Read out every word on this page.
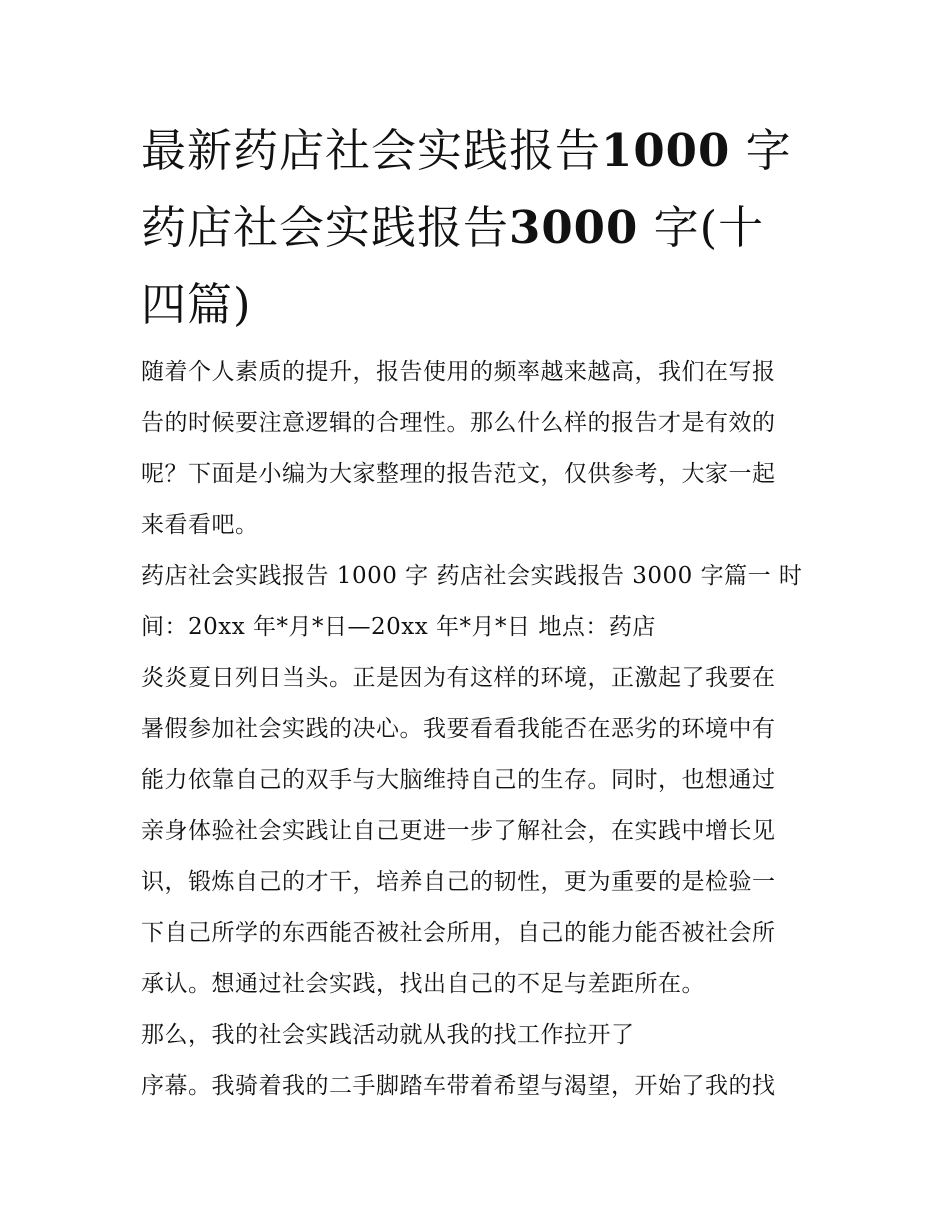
最新药店社会实践报告1000 字
药店社会实践报告3000 字(十
四篇)

随着个人素质的提升，报告使用的频率越来越高，我们在写报
告的时候要注意逻辑的合理性。那么什么样的报告才是有效的
呢？下面是小编为大家整理的报告范文，仅供参考，大家一起
来看看吧。

药店社会实践报告 1000 字 药店社会实践报告 3000 字篇一 时
间：20xx 年*月*日—20xx 年*月*日 地点：药店

炎炎夏日列日当头。正是因为有这样的环境，正激起了我要在
暑假参加社会实践的决心。我要看看我能否在恶劣的环境中有
能力依靠自己的双手与大脑维持自己的生存。同时，也想通过
亲身体验社会实践让自己更进一步了解社会，在实践中增长见
识，锻炼自己的才干，培养自己的韧性，更为重要的是检验一
下自己所学的东西能否被社会所用，自己的能力能否被社会所
承认。想通过社会实践，找出自己的不足与差距所在。

那么，我的社会实践活动就从我的找工作拉开了

序幕。我骑着我的二手脚踏车带着希望与渴望，开始了我的找
